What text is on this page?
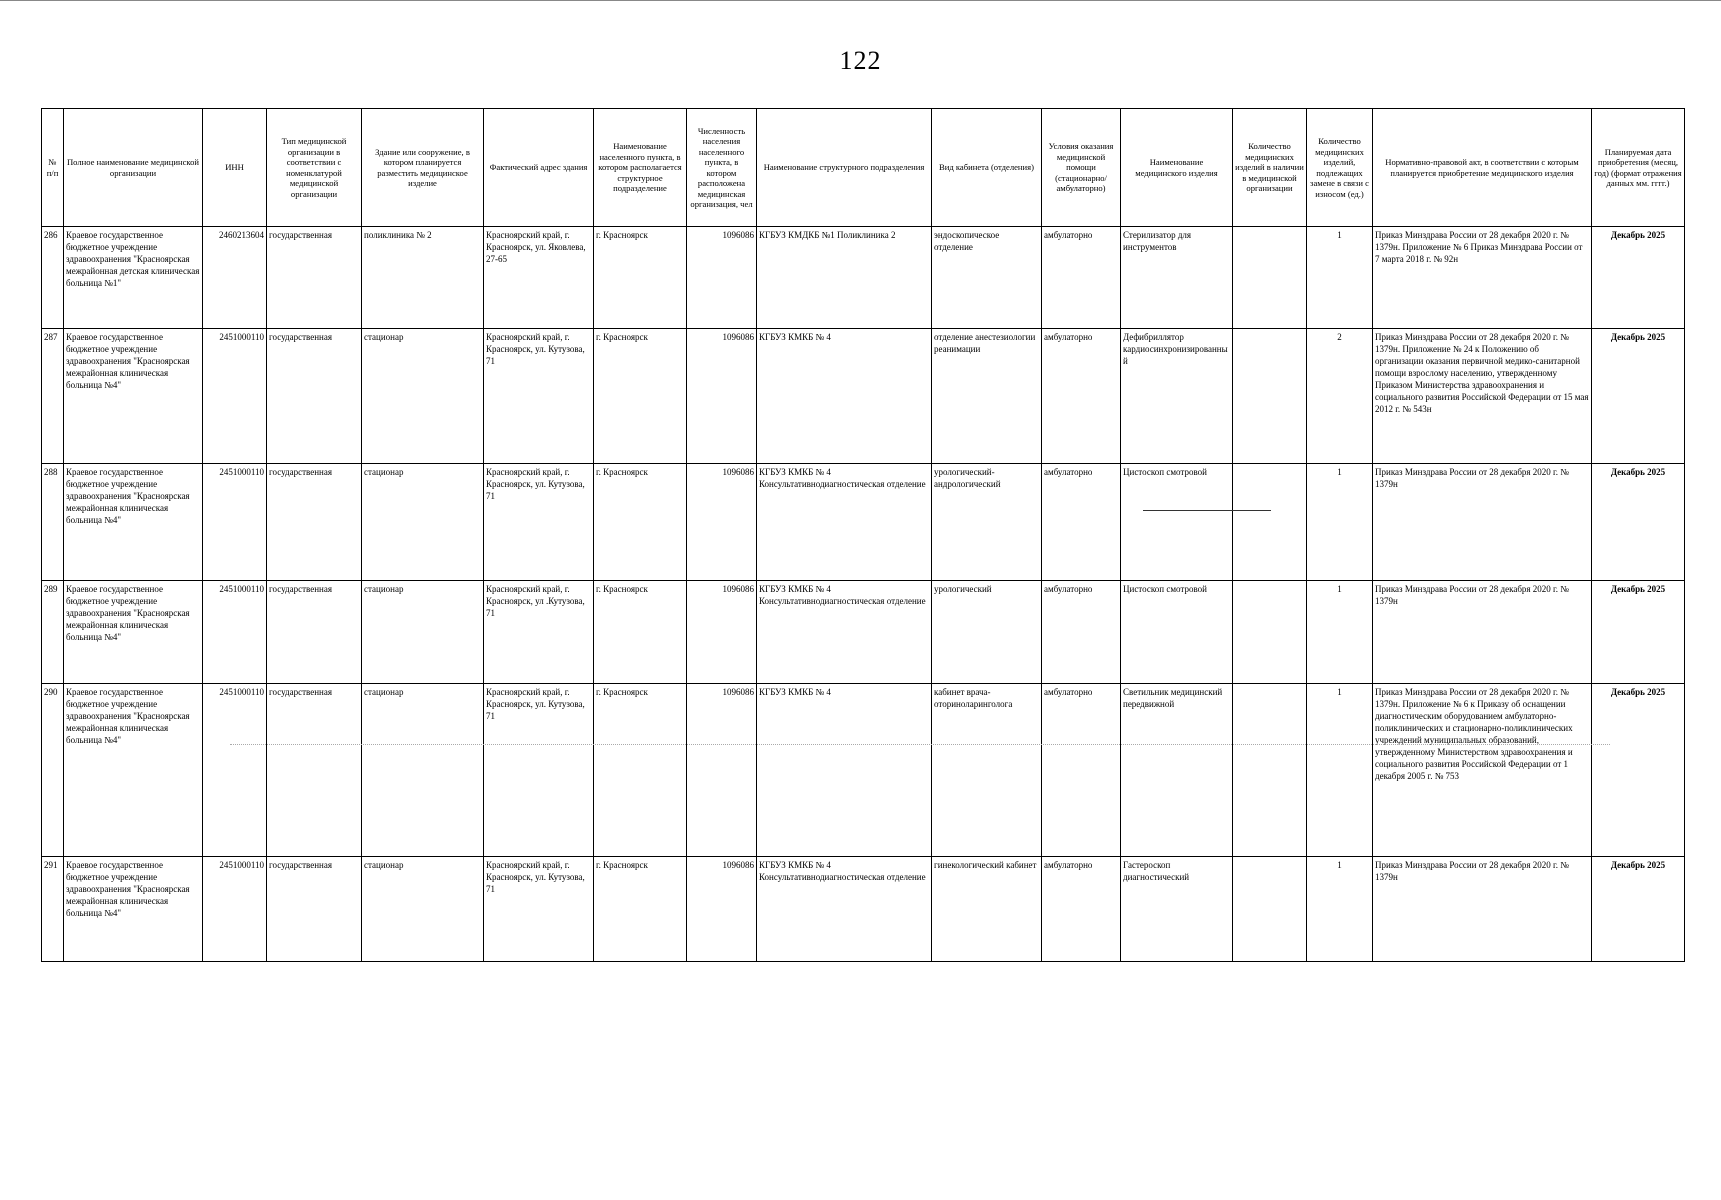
122
№ п/п	Полное наименование медицинской организации	ИНН	Тип медицинской организации в соответствии с номенклатурой медицинской организации	Здание или сооружение, в котором планируется разместить медицинское изделие	Фактический адрес здания	Наименование населенного пункта, в котором располагается структурное подразделение	Численность населения населенного пункта, в котором расположена медицинская организация, чел	Наименование структурного подразделения	Вид кабинета (отделения)	Условия оказания медицинской помощи (стационарно/ амбулаторно)	Наименование медицинского изделия	Количество медицинских изделий в наличии в медицинской организации	Количество медицинских изделий, подлежащих замене в связи с износом (ед.)	Нормативно-правовой акт, в соответствии с которым планируется приобретение медицинского изделия	Планируемая дата приобретения (месяц, год) (формат отражения данных мм. гггг.)
286	Краевое государственное бюджетное учреждение здравоохранения "Красноярская межрайонная детская клиническая больница №1"	2460213604	государственная	поликлиника № 2	Красноярский край, г. Красноярск, ул. Яковлева, 27-65	г. Красноярск	1096086	КГБУЗ КМДКБ №1 Поликлиника 2	эндоскопическое отделение	амбулаторно	Стерилизатор для инструментов		1	Приказ Минздрава России от 28 декабря 2020 г. № 1379н. Приложение № 6 Приказ Минздрава России от 7 марта 2018 г. № 92н	Декабрь 2025
287	Краевое государственное бюджетное учреждение здравоохранения "Красноярская межрайонная клиническая больница №4"	2451000110	государственная	стационар	Красноярский край, г. Красноярск, ул. Кутузова, 71	г. Красноярск	1096086	КГБУЗ КМКБ № 4	отделение анестезиологии реанимации	амбулаторно	Дефибриллятор кардиосинхронизированный		2	Приказ Минздрава России от 28 декабря 2020 г. № 1379н. Приложение № 24 к Положению об организации оказания первичной медико-санитарной помощи взрослому населению, утвержденному Приказом Министерства здравоохранения и социального развития Российской Федерации от 15 мая 2012 г. № 543н	Декабрь 2025
288	Краевое государственное бюджетное учреждение здравоохранения "Красноярская межрайонная клиническая больница №4"	2451000110	государственная	стационар	Красноярский край, г. Красноярск, ул. Кутузова, 71	г. Красноярск	1096086	КГБУЗ КМКБ № 4 Консультативнодиагностическая отделение	урологический-андрологический	амбулаторно	Цистоскоп смотровой		1	Приказ Минздрава России от 28 декабря 2020 г. № 1379н	Декабрь 2025
289	Краевое государственное бюджетное учреждение здравоохранения "Красноярская межрайонная клиническая больница №4"	2451000110	государственная	стационар	Красноярский край, г. Красноярск, ул .Кутузова, 71	г. Красноярск	1096086	КГБУЗ КМКБ № 4 Консультативнодиагностическая отделение	урологический	амбулаторно	Цистоскоп смотровой		1	Приказ Минздрава России от 28 декабря 2020 г. № 1379н	Декабрь 2025
290	Краевое государственное бюджетное учреждение здравоохранения "Красноярская межрайонная клиническая больница №4"	2451000110	государственная	стационар	Красноярский край, г. Красноярск, ул. Кутузова, 71	г. Красноярск	1096086	КГБУЗ КМКБ № 4	кабинет врача-оториноларинголога	амбулаторно	Светильник медицинский передвижной		1	Приказ Минздрава России от 28 декабря 2020 г. № 1379н. Приложение № 6 к Приказу об оснащении диагностическим оборудованием амбулаторно-поликлинических и стационарно-поликлинических учреждений муниципальных образований, утвержденному Министерством здравоохранения и социального развития Российской Федерации от 1 декабря 2005 г. № 753	Декабрь 2025
291	Краевое государственное бюджетное учреждение здравоохранения "Красноярская межрайонная клиническая больница №4"	2451000110	государственная	стационар	Красноярский край, г. Красноярск, ул. Кутузова, 71	г. Красноярск	1096086	КГБУЗ КМКБ № 4 Консультативнодиагностическая отделение	гинекологический кабинет	амбулаторно	Гастероскоп диагностический		1	Приказ Минздрава России от 28 декабря 2020 г. № 1379н	Декабрь 2025
